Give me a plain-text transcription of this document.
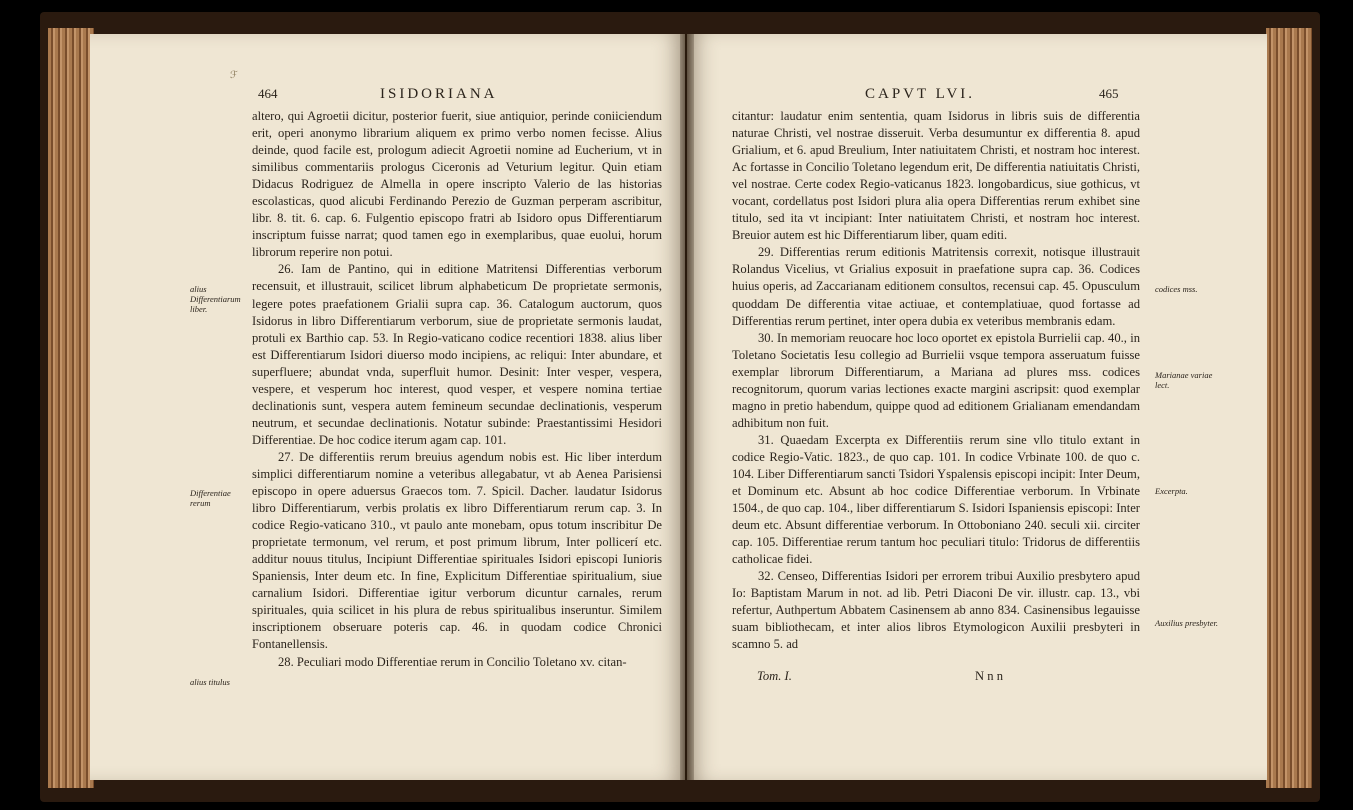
ℱ
464	ISIDORIANA

altero, qui Agroetii dicitur, posterior fuerit, siue antiquior, perinde coniiciendum erit, operi anonymo librarium aliquem ex primo verbo nomen fecisse. Alius deinde, quod facile est, prologum adiecit Agroetii nomine ad Eucherium, vt in similibus commentariis prologus Ciceronis ad Veturium legitur. Quin etiam Didacus Rodriguez de Almella in opere inscripto Valerio de las historias escolasticas, quod alicubi Ferdinando Perezio de Guzman perperam ascribitur, libr. 8. tit. 6. cap. 6. Fulgentio episcopo fratri ab Isidoro opus Differentiarum inscriptum fuisse narrat; quod tamen ego in exemplaribus, quae euolui, horum librorum reperire non potui.

26. Iam de Pantino, qui in editione Matritensi Differentias verborum recensuit, et illustrauit, scilicet librum alphabeticum De proprietate sermonis, legere potes praefationem Grialii supra cap. 36. Catalogum auctorum, quos Isidorus in libro Differentiarum verborum, siue de proprietate sermonis laudat, protuli ex Barthio cap. 53. In Regio-vaticano codice recentiori 1838. alius liber est Differentiarum Isidori diuerso modo incipiens, ac reliqui: Inter abundare, et superfluere; abundat vnda, superfluit humor. Desinit: Inter vesper, vespera, vespere, et vesperum hoc interest, quod vesper, et vespere nomina tertiae declinationis sunt, vespera autem femineum secundae declinationis, vesperum neutrum, et secundae declinationis. Notatur subinde: Praestantissimi Hesidori Differentiae. De hoc codice iterum agam cap. 101.

27. De differentiis rerum breuius agendum nobis est. Hic liber interdum simplici differentiarum nomine a veteribus allegabatur, vt ab Aenea Parisiensi episcopo in opere aduersus Graecos tom. 7. Spicil. Dacher. laudatur Isidorus libro Differentiarum, verbis prolatis ex libro Differentiarum rerum cap. 3. In codice Regio-vaticano 310., vt paulo ante monebam, opus totum inscribitur De proprietate termonum, vel rerum, et post primum librum, Inter pollicerí etc. additur nouus titulus, Incipiunt Differentiae spirituales Isidori episcopi Iunioris Spaniensis, Inter deum etc. In fine, Explicitum Differentiae spiritualium, siue carnalium Isidori. Differentiae igitur verborum dicuntur carnales, rerum spirituales, quia scilicet in his plura de rebus spiritualibus inseruntur. Similem inscriptionem obseruare poteris cap. 46. in quodam codice Chronici Fontanellensis.

28. Peculiari modo Differentiae rerum in Concilio Toletano xv. citan-

alius Differentiarum liber.
Differentiae rerum
alius titulus
CAPVT LVI.	465

citantur: laudatur enim sententia, quam Isidorus in libris suis de differentia naturae Christi, vel nostrae disseruit. Verba desumuntur ex differentia 8. apud Grialium, et 6. apud Breulium, Inter natiuitatem Christi, et nostram hoc interest. Ac fortasse in Concilio Toletano legendum erit, De differentia natiuitatis Christi, vel nostrae. Certe codex Regio-vaticanus 1823. longobardicus, siue gothicus, vt vocant, cordellatus post Isidori plura alia opera Differentias rerum exhibet sine titulo, sed ita vt incipiant: Inter natiuitatem Christi, et nostram hoc interest. Breuior autem est hic Differentiarum liber, quam editi.

29. Differentias rerum editionis Matritensis correxit, notisque illustrauit Rolandus Vicelius, vt Grialius exposuit in praefatione supra cap. 36. Codices huius operis, ad Zaccarianam editionem consultos, recensui cap. 45. Opusculum quoddam De differentia vitae actiuae, et contemplatiuae, quod fortasse ad Differentias rerum pertinet, inter opera dubia ex veteribus membranis edam.

30. In memoriam reuocare hoc loco oportet ex epistola Burrielii cap. 40., in Toletano Societatis Iesu collegio ad Burrielii vsque tempora asseruatum fuisse exemplar librorum Differentiarum, a Mariana ad plures mss. codices recognitorum, quorum varias lectiones exacte margini ascripsit: quod exemplar magno in pretio habendum, quippe quod ad editionem Grialianam emendandam adhibitum non fuit.

31. Quaedam Excerpta ex Differentiis rerum sine vllo titulo extant in codice Regio-Vatic. 1823., de quo cap. 101. In codice Vrbinate 100. de quo c. 104. Liber Differentiarum sancti Tsidori Yspalensis episcopi incipit: Inter Deum, et Dominum etc. Absunt ab hoc codice Differentiae verborum. In Vrbinate 1504., de quo cap. 104., liber differentiarum S. Isidori Ispaniensis episcopi: Inter deum etc. Absunt differentiae verborum. In Ottoboniano 240. seculi xii. circiter cap. 105. Differentiae rerum tantum hoc peculiari titulo: Tridorus de differentiis catholicae fidei.

32. Censeo, Differentias Isidori per errorem tribui Auxilio presbytero apud Io: Baptistam Marum in not. ad lib. Petri Diaconi De vir. illustr. cap. 13., vbi refertur, Authpertum Abbatem Casinensem ab anno 834. Casinensibus legauisse suam bibliothecam, et inter alios libros Etymologicon Auxilii presbyteri in scamno 5. ad

codices mss.
Marianae variae lect.
Excerpta.
Auxilius presbyter.
Tom. I.	N n n
